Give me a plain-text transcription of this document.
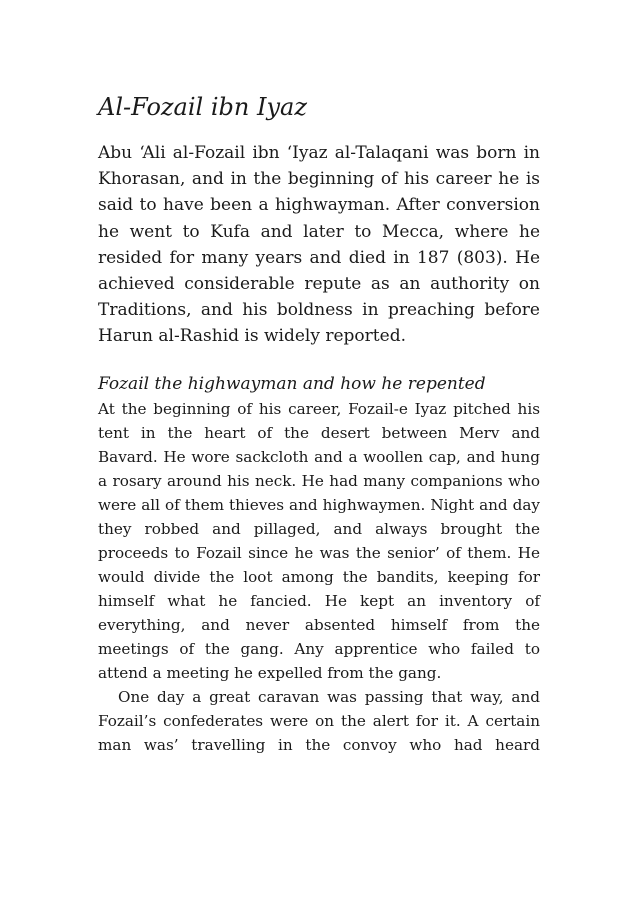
Al-Fozail ibn Iyaz

Abu ‘Ali al-Fozail ibn ‘Iyaz al-Talaqani was born in Khorasan, and in the beginning of his career he is said to have been a highwayman. After conversion he went to Kufa and later to Mecca, where he resided for many years and died in 187 (803). He achieved considerable repute as an authority on Traditions, and his boldness in preaching before Harun al-Rashid is widely reported.

Fozail the highwayman and how he repented

At the beginning of his career, Fozail-e Iyaz pitched his tent in the heart of the desert between Merv and Bavard. He wore sackcloth and a woollen cap, and hung a rosary around his neck. He had many companions who were all of them thieves and highwaymen. Night and day they robbed and pillaged, and always brought the proceeds to Fozail since he was the senior’ of them. He would divide the loot among the bandits, keeping for himself what he fancied. He kept an inventory of everything, and never absented himself from the meetings of the gang. Any apprentice who failed to attend a meeting he expelled from the gang.

One day a great caravan was passing that way, and Fozail’s confederates were on the alert for it. A certain man was’ travelling in the convoy who had heard
